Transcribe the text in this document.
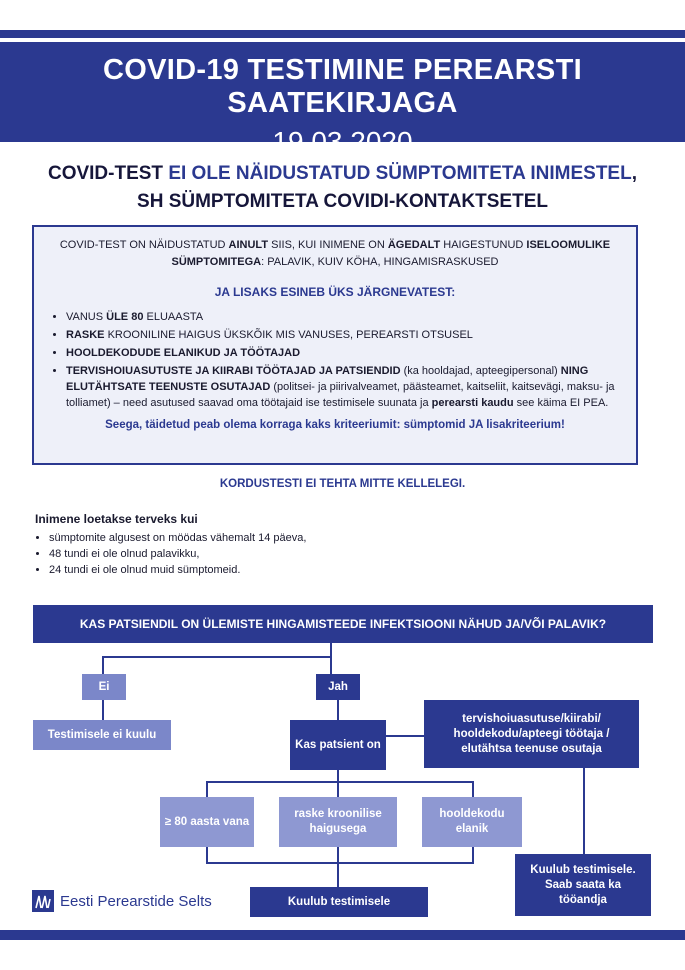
COVID-19 TESTIMINE PEREARSTI SAATEKIRJAGA
19.03.2020
COVID-TEST EI OLE NÄIDUSTATUD SÜMPTOMITETA INIMESTEL,
SH SÜMPTOMITETA COVIDI-KONTAKTSETEL
COVID-TEST ON NÄIDUSTATUD AINULT SIIS, KUI INIMENE ON ÄGEDALT HAIGESTUNUD ISELOOMULIKE SÜMPTOMITEGA: PALAVIK, KUIV KÖHA, HINGAMISRASKUSED
JA LISAKS ESINEB ÜKS JÄRGNEVATEST:
• VANUS ÜLE 80 ELUAASTA
• RASKE KROONILINE HAIGUS ÜKSKÕIK MIS VANUSES, PEREARSTI OTSUSEL
• HOOLDEKODUDE ELANIKUD JA TÖÖTAJAD
• TERVISHOIUASUTUSTE JA KIIRABI TÖÖTAJAD JA PATSIENDID (ka hooldajad, apteegipersonal) NING ELUTÄHTSATE TEENUSTE OSUTAJAD (politsei- ja piirivalveamet, päästeamet, kaitseliit, kaitsevägi, maksu- ja tolliamet) – need asutused saavad oma töötajaid ise testimisele suunata ja perearsti kaudu see käima EI PEA.
Seega, täidetud peab olema korraga kaks kriteeriumit: sümptomid JA lisakriteerium!
KORDUSTESTI EI TEHTA MITTE KELLELEGI.
Inimene loetakse terveks kui
• sümptomite algusest on möödas vähemalt 14 päeva,
• 48 tundi ei ole olnud palavikku,
• 24 tundi ei ole olnud muid sümptomeid.
KAS PATSIENDIL ON ÜLEMISTE HINGAMISTEEDE INFEKTSIOONI NÄHUD JA/VÕI PALAVIK?
Ei	Jah
Testimisele ei kuulu
Kas patsient on
tervishoiuasutuse/kiirabi/ hooldekodu/apteegi töötaja / elutähtsa teenuse osutaja
≥ 80 aasta vana
raske kroonilise haigusega
hooldekodu elanik
Kuulub testimisele
Kuulub testimisele. Saab saata ka tööandja
Eesti Perearstide Selts
